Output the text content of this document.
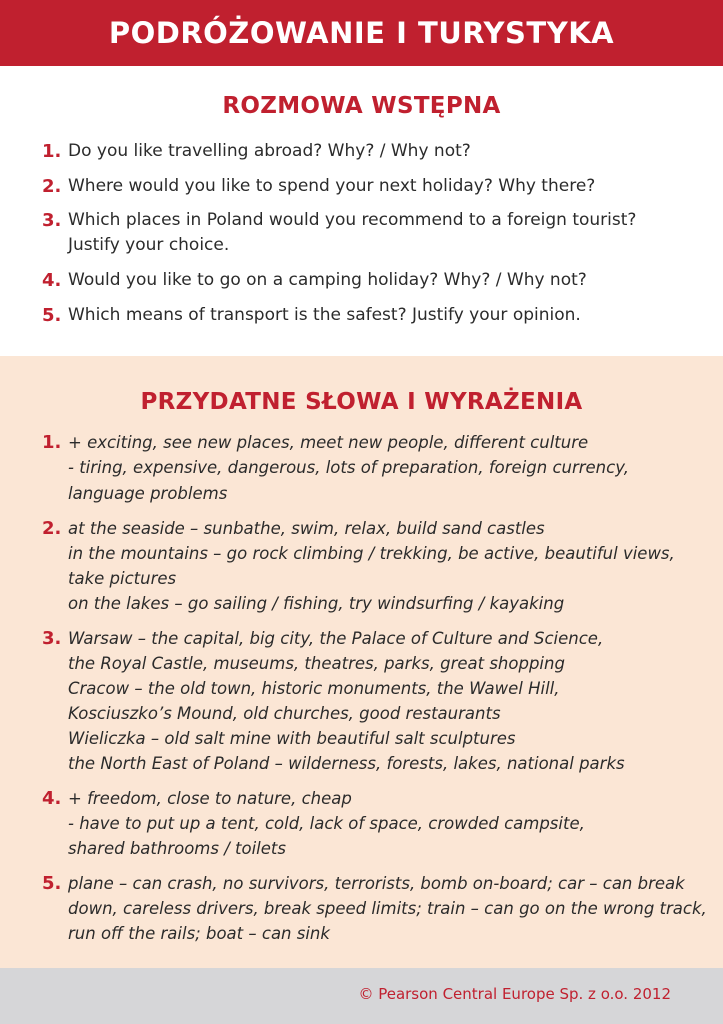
PODRÓŻOWANIE I TURYSTYKA
ROZMOWA WSTĘPNA
1. Do you like travelling abroad? Why? / Why not?
2. Where would you like to spend your next holiday? Why there?
3. Which places in Poland would you recommend to a foreign tourist?
Justify your choice.
4. Would you like to go on a camping holiday? Why? / Why not?
5. Which means of transport is the safest? Justify your opinion.
PRZYDATNE SŁOWA I WYRAŻENIA
1. + exciting, see new places, meet new people, different culture
- tiring, expensive, dangerous, lots of preparation, foreign currency,
language problems
2. at the seaside – sunbathe, swim, relax, build sand castles
in the mountains – go rock climbing / trekking, be active, beautiful views,
take pictures
on the lakes – go sailing / fishing, try windsurfing / kayaking
3. Warsaw – the capital, big city, the Palace of Culture and Science,
the Royal Castle, museums, theatres, parks, great shopping
Cracow – the old town, historic monuments, the Wawel Hill,
Kosciuszko’s Mound, old churches, good restaurants
Wieliczka – old salt mine with beautiful salt sculptures
the North East of Poland – wilderness, forests, lakes, national parks
4. + freedom, close to nature, cheap
- have to put up a tent, cold, lack of space, crowded campsite,
shared bathrooms / toilets
5. plane – can crash, no survivors, terrorists, bomb on-board; car – can break
down, careless drivers, break speed limits; train – can go on the wrong track,
run off the rails; boat – can sink
© Pearson Central Europe Sp. z o.o. 2012
